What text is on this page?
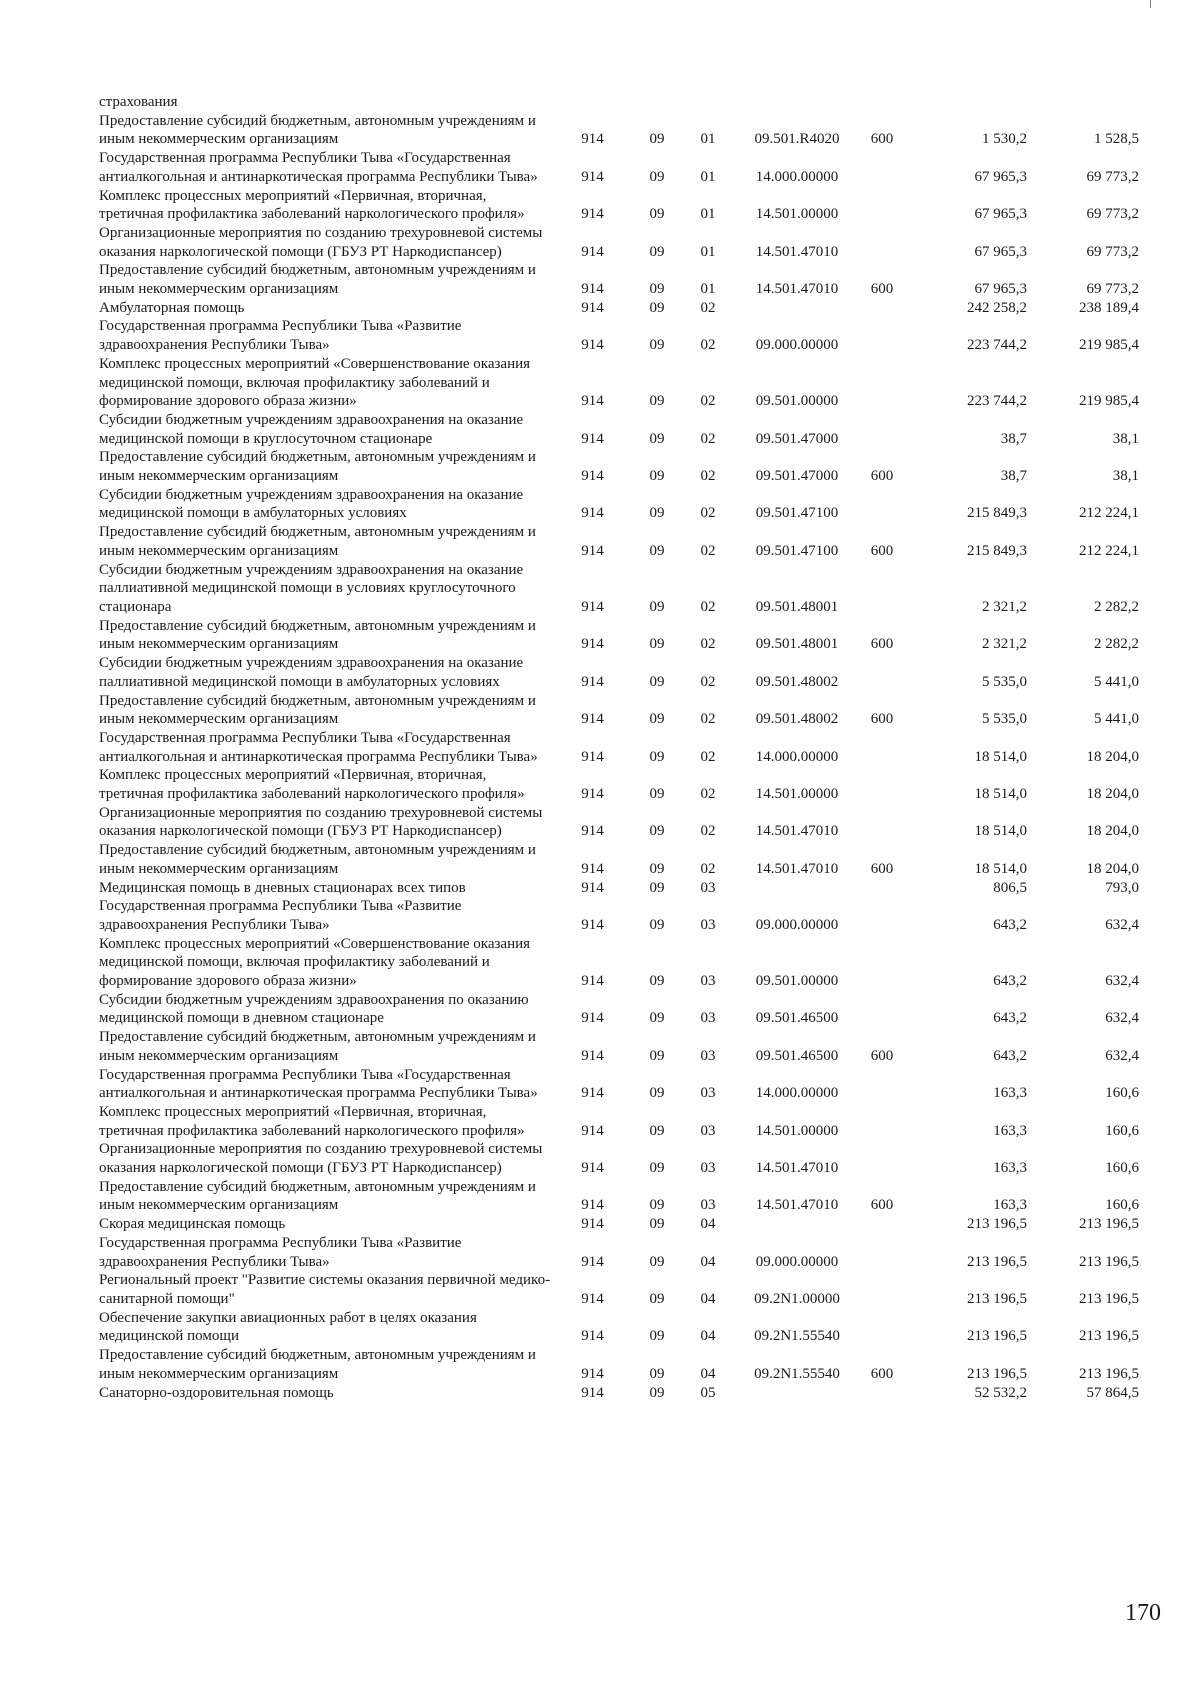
страхования							
Предоставление субсидий бюджетным, автономным учреждениям и иным некоммерческим организациям	914	09	01	09.501.R4020	600	1 530,2	1 528,5
Государственная программа Республики Тыва «Государственная антиалкогольная и антинаркотическая программа Республики Тыва»	914	09	01	14.000.00000		67 965,3	69 773,2
Комплекс процессных мероприятий «Первичная, вторичная, третичная профилактика заболеваний наркологического профиля»	914	09	01	14.501.00000		67 965,3	69 773,2
Организационные мероприятия по созданию трехуровневой системы оказания наркологической помощи (ГБУЗ РТ Наркодиспансер)	914	09	01	14.501.47010		67 965,3	69 773,2
Предоставление субсидий бюджетным, автономным учреждениям и иным некоммерческим организациям	914	09	01	14.501.47010	600	67 965,3	69 773,2
Амбулаторная помощь	914	09	02			242 258,2	238 189,4
Государственная программа Республики Тыва «Развитие здравоохранения Республики Тыва»	914	09	02	09.000.00000		223 744,2	219 985,4
Комплекс процессных мероприятий «Совершенствование оказания медицинской помощи, включая профилактику заболеваний и формирование здорового образа жизни»	914	09	02	09.501.00000		223 744,2	219 985,4
Субсидии бюджетным учреждениям здравоохранения на оказание медицинской помощи в круглосуточном стационаре	914	09	02	09.501.47000		38,7	38,1
Предоставление субсидий бюджетным, автономным учреждениям и иным некоммерческим организациям	914	09	02	09.501.47000	600	38,7	38,1
Субсидии бюджетным учреждениям здравоохранения на оказание медицинской помощи в амбулаторных условиях	914	09	02	09.501.47100		215 849,3	212 224,1
Предоставление субсидий бюджетным, автономным учреждениям и иным некоммерческим организациям	914	09	02	09.501.47100	600	215 849,3	212 224,1
Субсидии бюджетным учреждениям здравоохранения на оказание паллиативной медицинской помощи в условиях круглосуточного стационара	914	09	02	09.501.48001		2 321,2	2 282,2
Предоставление субсидий бюджетным, автономным учреждениям и иным некоммерческим организациям	914	09	02	09.501.48001	600	2 321,2	2 282,2
Субсидии бюджетным учреждениям здравоохранения на оказание паллиативной медицинской помощи в амбулаторных условиях	914	09	02	09.501.48002		5 535,0	5 441,0
Предоставление субсидий бюджетным, автономным учреждениям и иным некоммерческим организациям	914	09	02	09.501.48002	600	5 535,0	5 441,0
Государственная программа Республики Тыва «Государственная антиалкогольная и антинаркотическая программа Республики Тыва»	914	09	02	14.000.00000		18 514,0	18 204,0
Комплекс процессных мероприятий «Первичная, вторичная, третичная профилактика заболеваний наркологического профиля»	914	09	02	14.501.00000		18 514,0	18 204,0
Организационные мероприятия по созданию трехуровневой системы оказания наркологической помощи (ГБУЗ РТ Наркодиспансер)	914	09	02	14.501.47010		18 514,0	18 204,0
Предоставление субсидий бюджетным, автономным учреждениям и иным некоммерческим организациям	914	09	02	14.501.47010	600	18 514,0	18 204,0
Медицинская помощь в дневных стационарах всех типов	914	09	03			806,5	793,0
Государственная программа Республики Тыва «Развитие здравоохранения Республики Тыва»	914	09	03	09.000.00000		643,2	632,4
Комплекс процессных мероприятий «Совершенствование оказания медицинской помощи, включая профилактику заболеваний и формирование здорового образа жизни»	914	09	03	09.501.00000		643,2	632,4
Субсидии бюджетным учреждениям здравоохранения по оказанию медицинской помощи в дневном стационаре	914	09	03	09.501.46500		643,2	632,4
Предоставление субсидий бюджетным, автономным учреждениям и иным некоммерческим организациям	914	09	03	09.501.46500	600	643,2	632,4
Государственная программа Республики Тыва «Государственная антиалкогольная и антинаркотическая программа Республики Тыва»	914	09	03	14.000.00000		163,3	160,6
Комплекс процессных мероприятий «Первичная, вторичная, третичная профилактика заболеваний наркологического профиля»	914	09	03	14.501.00000		163,3	160,6
Организационные мероприятия по созданию трехуровневой системы оказания наркологической помощи (ГБУЗ РТ Наркодиспансер)	914	09	03	14.501.47010		163,3	160,6
Предоставление субсидий бюджетным, автономным учреждениям и иным некоммерческим организациям	914	09	03	14.501.47010	600	163,3	160,6
Скорая медицинская помощь	914	09	04			213 196,5	213 196,5
Государственная программа Республики Тыва «Развитие здравоохранения Республики Тыва»	914	09	04	09.000.00000		213 196,5	213 196,5
Региональный проект "Развитие системы оказания первичной медико-санитарной помощи"	914	09	04	09.2N1.00000		213 196,5	213 196,5
Обеспечение закупки авиационных работ в целях оказания медицинской помощи	914	09	04	09.2N1.55540		213 196,5	213 196,5
Предоставление субсидий бюджетным, автономным учреждениям и иным некоммерческим организациям	914	09	04	09.2N1.55540	600	213 196,5	213 196,5
Санаторно-оздоровительная помощь	914	09	05			52 532,2	57 864,5
170
